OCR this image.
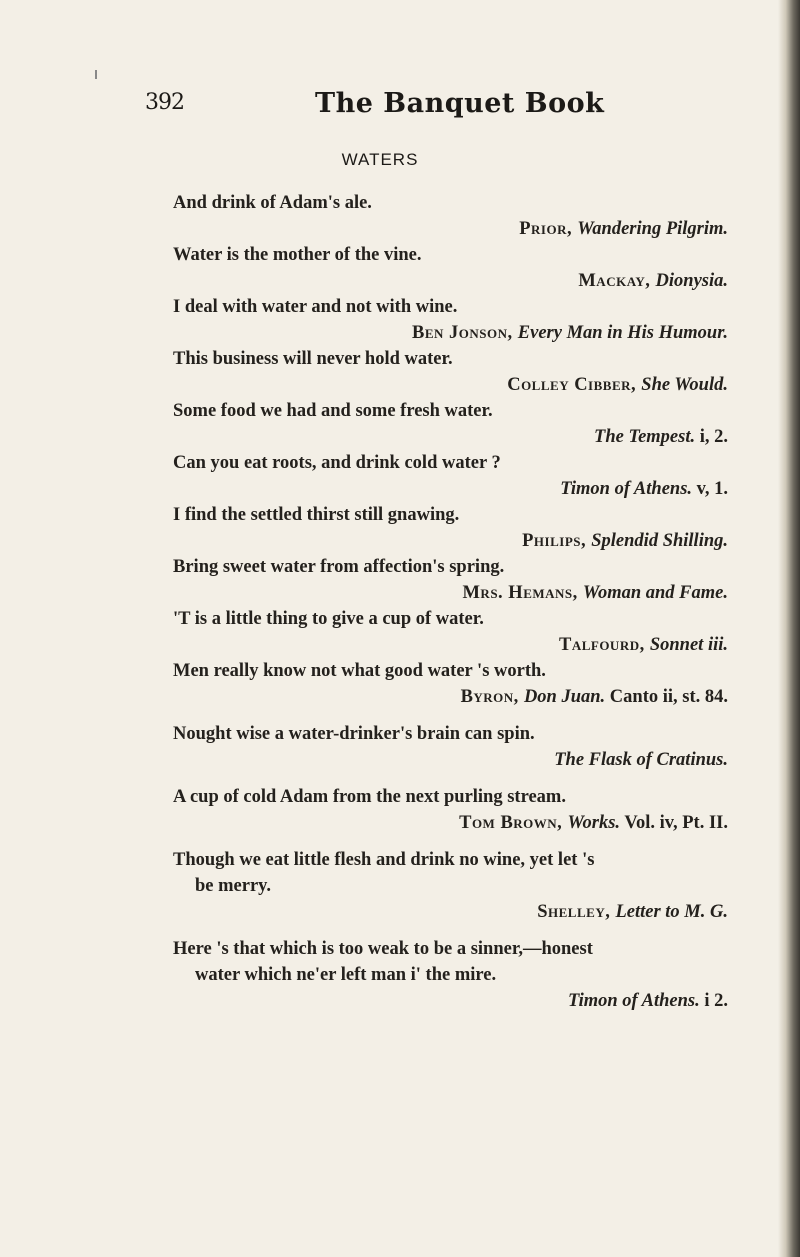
392	The Banquet Book
WATERS
And drink of Adam's ale.
Prior, Wandering Pilgrim.
Water is the mother of the vine.
Mackay, Dionysia.
I deal with water and not with wine.
Ben Jonson, Every Man in His Humour.
This business will never hold water.
Colley Cibber, She Would.
Some food we had and some fresh water.
The Tempest. i, 2.
Can you eat roots, and drink cold water ?
Timon of Athens. v, 1.
I find the settled thirst still gnawing.
Philips, Splendid Shilling.
Bring sweet water from affection's spring.
Mrs. Hemans, Woman and Fame.
'T is a little thing to give a cup of water.
Talfourd, Sonnet iii.
Men really know not what good water 's worth.
Byron, Don Juan. Canto ii, st. 84.
Nought wise a water-drinker's brain can spin.
The Flask of Cratinus.
A cup of cold Adam from the next purling stream.
Tom Brown, Works. Vol. iv, Pt. II.
Though we eat little flesh and drink no wine, yet let 's
be merry.
Shelley, Letter to M. G.
Here 's that which is too weak to be a sinner,—honest
water which ne'er left man i' the mire.
Timon of Athens. i 2.
